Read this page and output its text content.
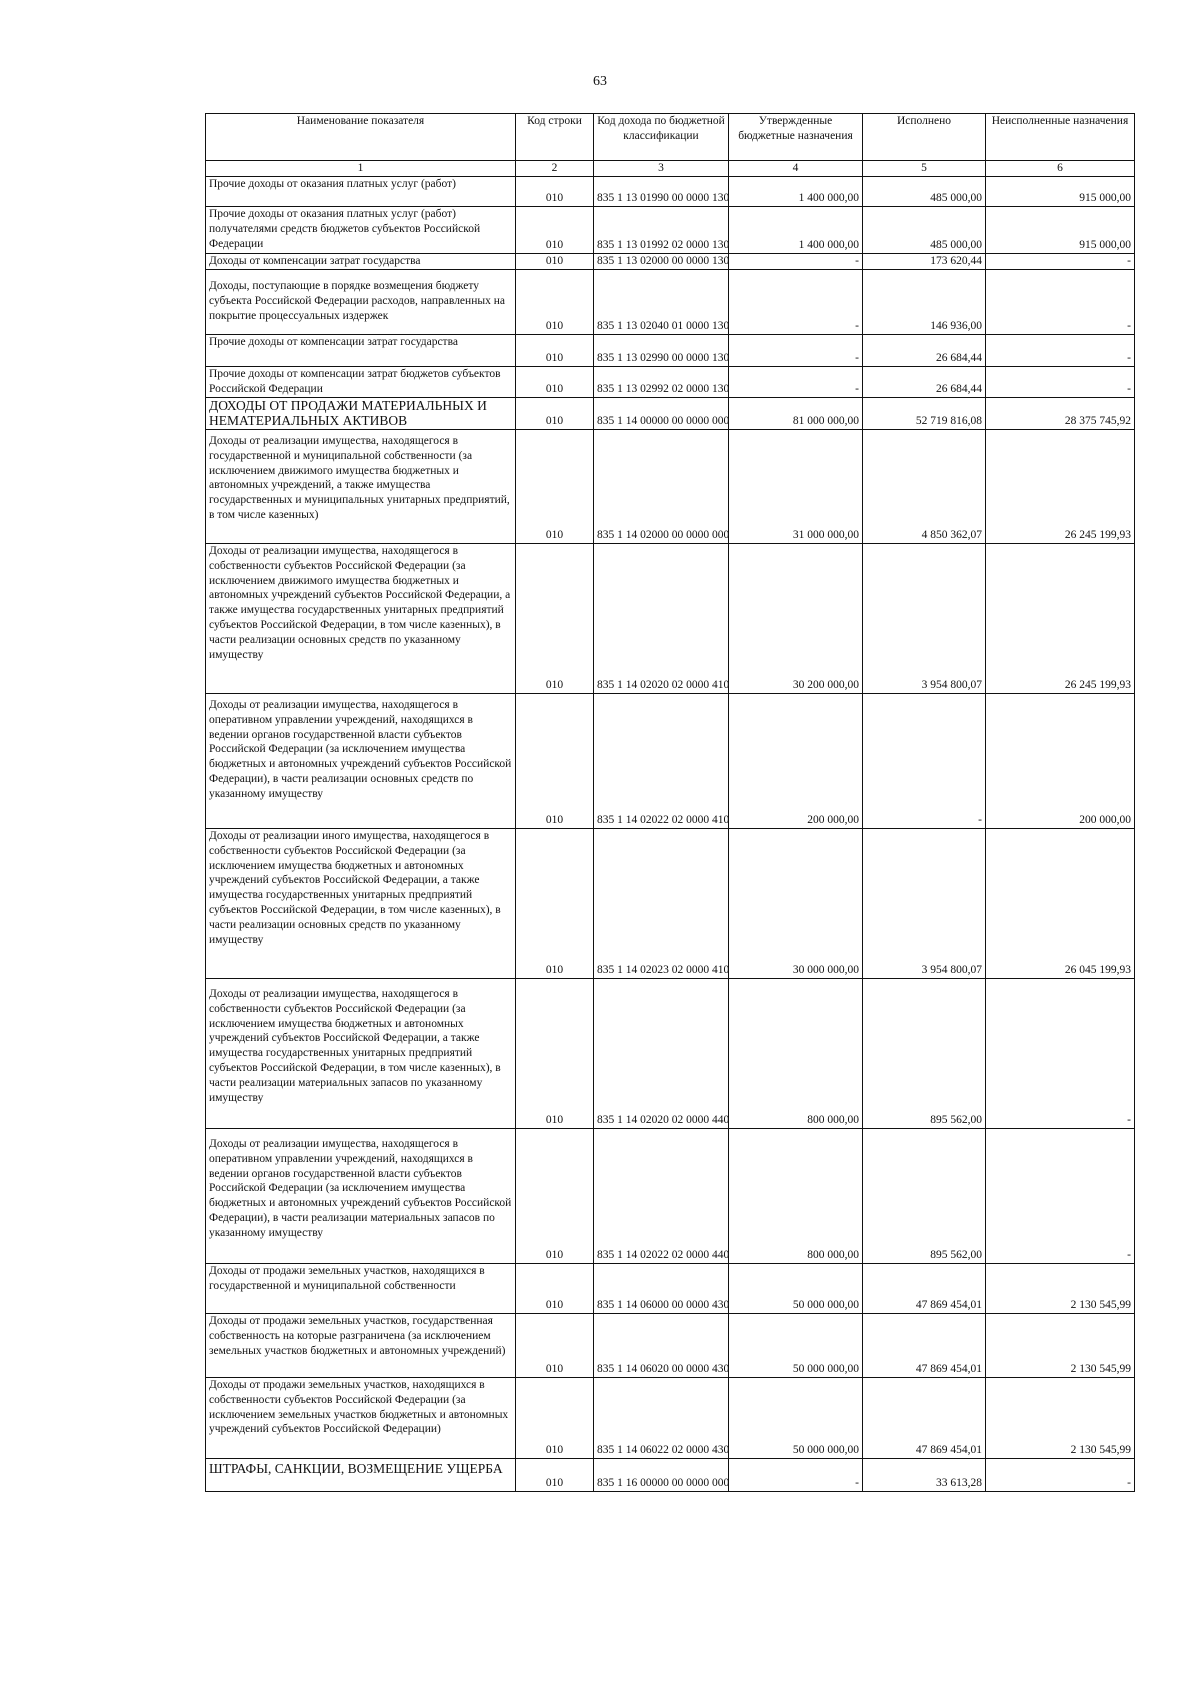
63
Наименование показателя	Код строки	Код дохода по бюджетной классификации	Утвержденные бюджетные назначения	Исполнено	Неисполненные назначения
1	2	3	4	5	6
Прочие доходы от оказания платных услуг (работ)	010	835 1 13 01990 00 0000 130	1 400 000,00	485 000,00	915 000,00
Прочие доходы от оказания платных услуг (работ) получателями средств бюджетов субъектов Российской Федерации	010	835 1 13 01992 02 0000 130	1 400 000,00	485 000,00	915 000,00
Доходы от компенсации затрат государства	010	835 1 13 02000 00 0000 130	-	173 620,44	-
Доходы, поступающие в порядке возмещения бюджету субъекта Российской Федерации расходов, направленных на покрытие процессуальных издержек	010	835 1 13 02040 01 0000 130	-	146 936,00	-
Прочие доходы от компенсации затрат государства	010	835 1 13 02990 00 0000 130	-	26 684,44	-
Прочие доходы от компенсации затрат бюджетов субъектов Российской Федерации	010	835 1 13 02992 02 0000 130	-	26 684,44	-
ДОХОДЫ ОТ ПРОДАЖИ МАТЕРИАЛЬНЫХ И НЕМАТЕРИАЛЬНЫХ АКТИВОВ	010	835 1 14 00000 00 0000 000	81 000 000,00	52 719 816,08	28 375 745,92
Доходы от реализации имущества, находящегося в государственной и муниципальной собственности (за исключением движимого имущества бюджетных и автономных учреждений, а также имущества государственных и муниципальных унитарных предприятий, в том числе казенных)	010	835 1 14 02000 00 0000 000	31 000 000,00	4 850 362,07	26 245 199,93
Доходы от реализации имущества, находящегося в собственности субъектов Российской Федерации (за исключением движимого имущества бюджетных и автономных учреждений субъектов Российской Федерации, а также имущества государственных унитарных предприятий субъектов Российской Федерации, в том числе казенных), в части реализации основных средств по указанному имуществу	010	835 1 14 02020 02 0000 410	30 200 000,00	3 954 800,07	26 245 199,93
Доходы от реализации имущества, находящегося в оперативном управлении учреждений, находящихся в ведении органов государственной власти субъектов Российской Федерации (за исключением имущества бюджетных и автономных учреждений субъектов Российской Федерации), в части реализации основных средств по указанному имуществу	010	835 1 14 02022 02 0000 410	200 000,00	-	200 000,00
Доходы от реализации иного имущества, находящегося в собственности субъектов Российской Федерации (за исключением имущества бюджетных и автономных учреждений субъектов Российской Федерации, а также имущества государственных унитарных предприятий субъектов Российской Федерации, в том числе казенных), в части реализации основных средств по указанному имуществу	010	835 1 14 02023 02 0000 410	30 000 000,00	3 954 800,07	26 045 199,93
Доходы от реализации имущества, находящегося в собственности субъектов Российской Федерации (за исключением имущества бюджетных и автономных учреждений субъектов Российской Федерации, а также имущества государственных унитарных предприятий субъектов Российской Федерации, в том числе казенных), в части реализации материальных запасов по указанному имуществу	010	835 1 14 02020 02 0000 440	800 000,00	895 562,00	-
Доходы от реализации имущества, находящегося в оперативном управлении учреждений, находящихся в ведении органов государственной власти субъектов Российской Федерации (за исключением имущества бюджетных и автономных учреждений субъектов Российской Федерации), в части реализации материальных запасов по указанному имуществу	010	835 1 14 02022 02 0000 440	800 000,00	895 562,00	-
Доходы от продажи земельных участков, находящихся в государственной и муниципальной собственности	010	835 1 14 06000 00 0000 430	50 000 000,00	47 869 454,01	2 130 545,99
Доходы от продажи земельных участков, государственная собственность на которые разграничена (за исключением земельных участков бюджетных и автономных учреждений)	010	835 1 14 06020 00 0000 430	50 000 000,00	47 869 454,01	2 130 545,99
Доходы от продажи земельных участков, находящихся в собственности субъектов Российской Федерации (за исключением земельных участков бюджетных и автономных учреждений субъектов Российской Федерации)	010	835 1 14 06022 02 0000 430	50 000 000,00	47 869 454,01	2 130 545,99
ШТРАФЫ, САНКЦИИ, ВОЗМЕЩЕНИЕ УЩЕРБА	010	835 1 16 00000 00 0000 000	-	33 613,28	-
